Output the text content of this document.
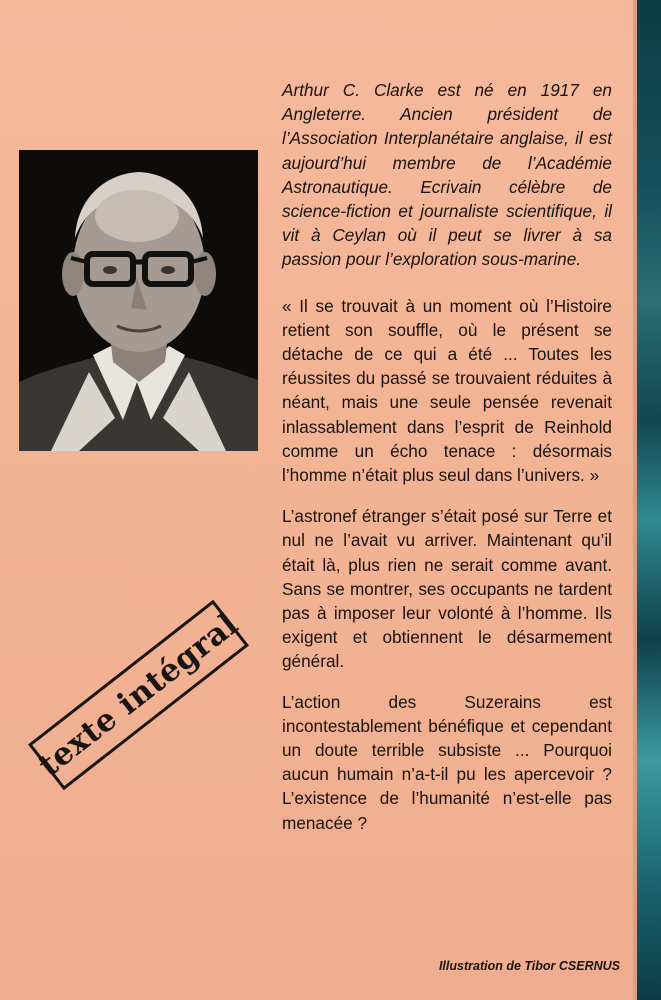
Arthur C. Clarke est né en 1917 en Angleterre. Ancien président de l’Association Interplanétaire anglaise, il est aujourd’hui membre de l’Académie Astronautique. Ecrivain célèbre de science-fiction et journaliste scientifique, il vit à Ceylan où il peut se livrer à sa passion pour l’exploration sous-marine.

« Il se trouvait à un moment où l’Histoire retient son souffle, où le présent se détache de ce qui a été ... Toutes les réussites du passé se trouvaient réduites à néant, mais une seule pensée revenait inlassablement dans l’esprit de Reinhold comme un écho tenace : désormais l’homme n’était plus seul dans l’univers. »

L’astronef étranger s’était posé sur Terre et nul ne l’avait vu arriver. Maintenant qu’il était là, plus rien ne serait comme avant. Sans se montrer, ses occupants ne tardent pas à imposer leur volonté à l’homme. Ils exigent et obtiennent le désarmement général.

L’action des Suzerains est incontestablement bénéfique et cependant un doute terrible subsiste ... Pourquoi aucun humain n’a-t-il pu les apercevoir ? L’existence de l’humanité n’est-elle pas menacée ?

texte intégral
Illustration de Tibor CSERNUS
